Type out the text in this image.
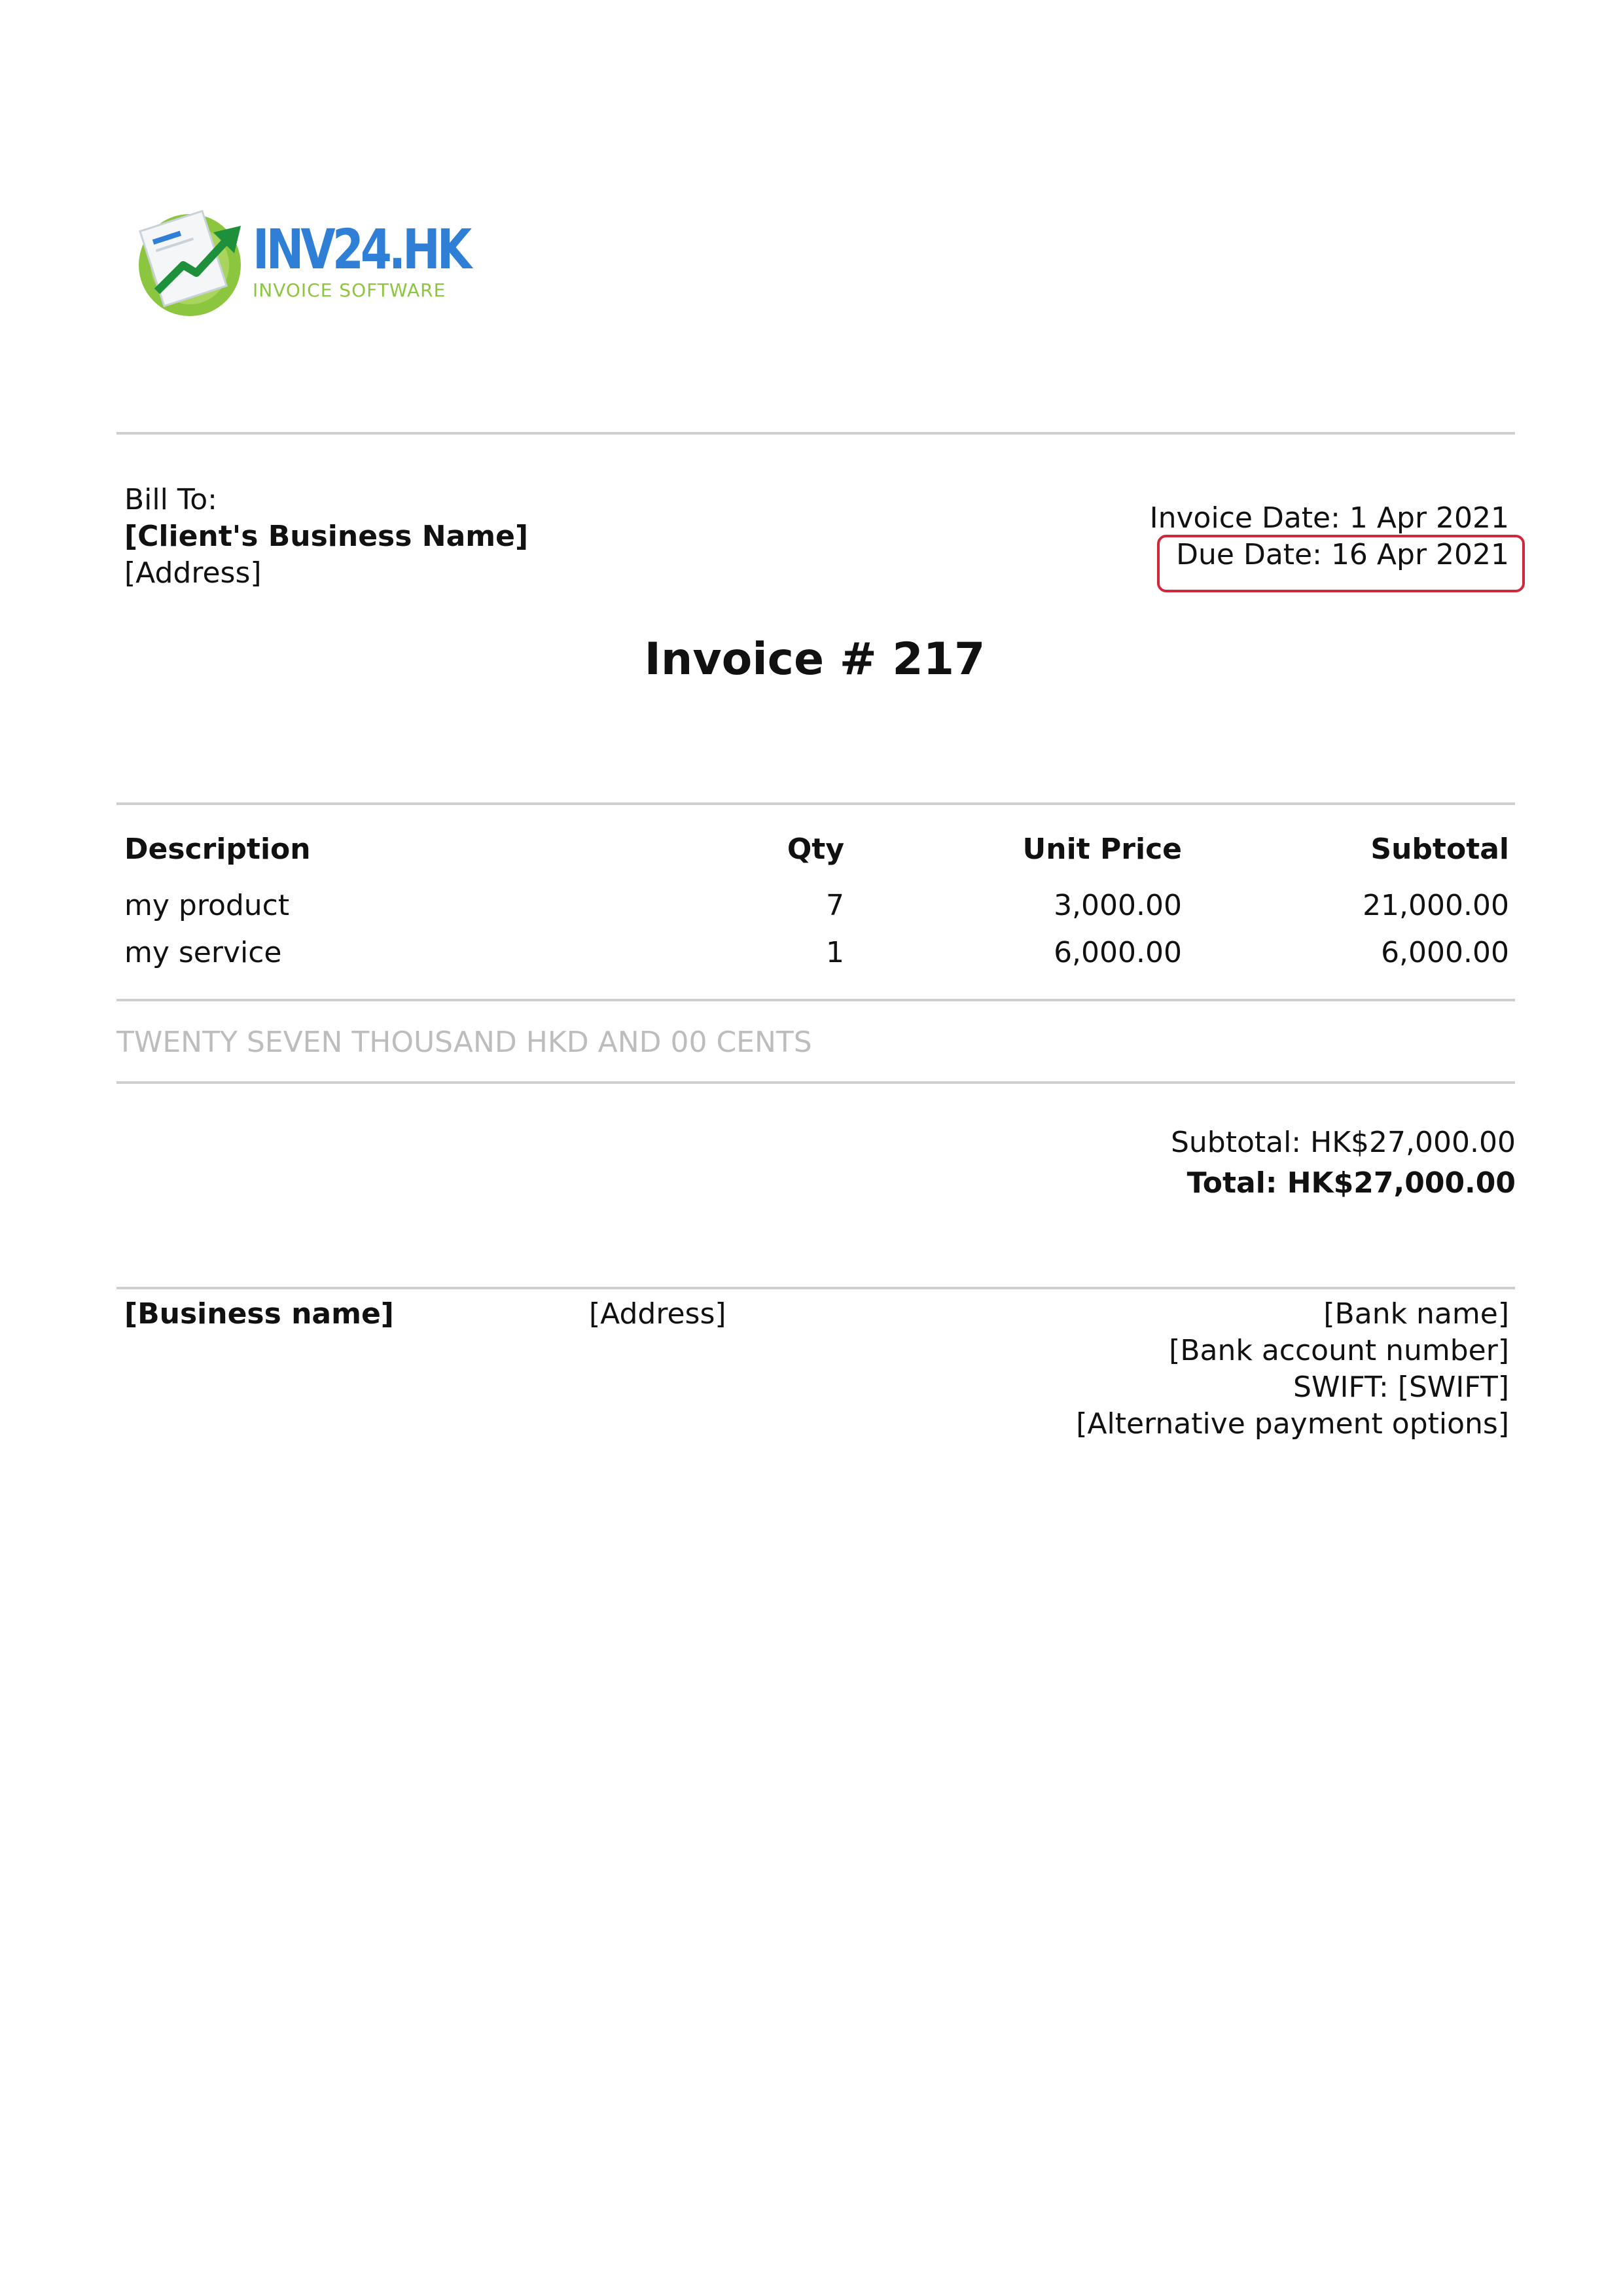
INV24.HK
INVOICE SOFTWARE
Bill To:
[Client's Business Name]
[Address]
Invoice Date: 1 Apr 2021
Due Date: 16 Apr 2021
Invoice # 217
Description	Qty	Unit Price	Subtotal
my product	7	3,000.00	21,000.00
my service	1	6,000.00	6,000.00
TWENTY SEVEN THOUSAND HKD AND 00 CENTS
Subtotal: HK$27,000.00
Total: HK$27,000.00
[Business name]	[Address]	[Bank name]
[Bank account number]
SWIFT: [SWIFT]
[Alternative payment options]
